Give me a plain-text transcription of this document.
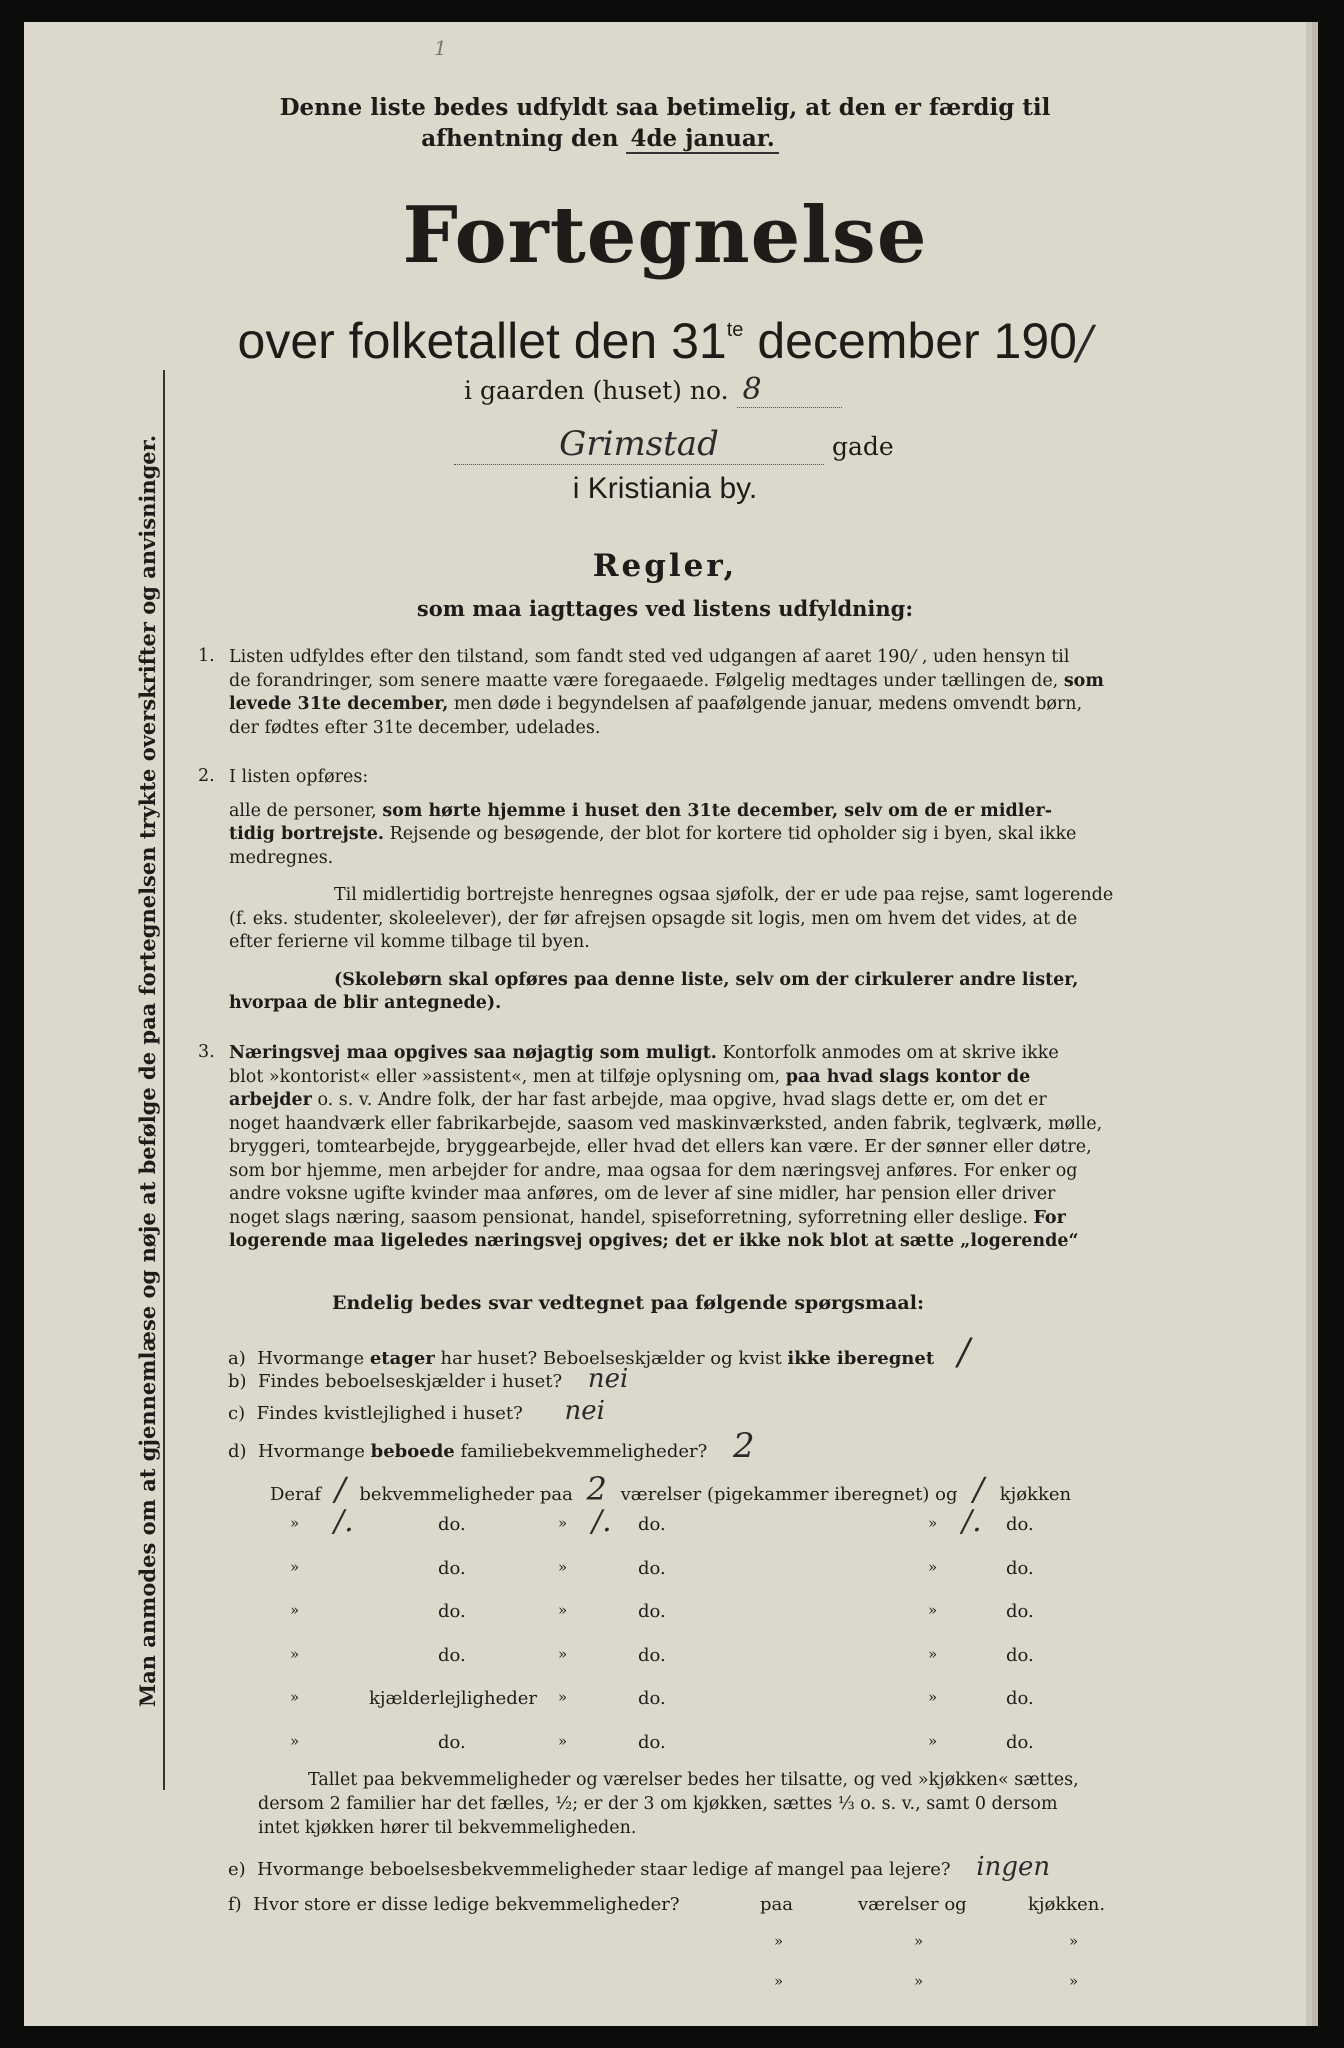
1
Denne liste bedes udfyldt saa betimelig, at den er færdig til
afhentning den 4de januar.
Fortegnelse
over folketallet den $31^{te}$ december 190/
i gaarden (huset) no. 8
Grimstad	gade
i Kristiania by.
Man anmodes om at gjennemlæse og nøje at befølge de paa fortegnelsen trykte overskrifter og anvisninger.	Regler,
som maa iagttages ved listens udfyldning:
1. Listen udfyldes efter den tilstand, som fandt sted ved udgangen af aaret 190/ , uden hensyn til
de forandringer, som senere maatte være foregaaede. Følgelig medtages under tællingen de, som
levede 31te december, men døde i begyndelsen af paafølgende januar, medens omvendt børn,
der fødtes efter 31te december, udelades.
2. I listen opføres:
alle de personer, som hørte hjemme i huset den 31te december, selv om de er midler-
tidig bortrejste. Rejsende og besøgende, der blot for kortere tid opholder sig i byen, skal ikke
medregnes.
Til midlertidig bortrejste henregnes ogsaa sjøfolk, der er ude paa rejse, samt logerende
(f. eks. studenter, skoleelever), der før afrejsen opsagde sit logis, men om hvem det vides, at de
efter ferierne vil komme tilbage til byen.
(Skolebørn skal opføres paa denne liste, selv om der cirkulerer andre lister,
hvorpaa de blir antegnede).
3. Næringsvej maa opgives saa nøjagtig som muligt. Kontorfolk anmodes om at skrive ikke
blot »kontorist« eller »assistent«, men at tilføje oplysning om, paa hvad slags kontor de
arbejder o. s. v. Andre folk, der har fast arbejde, maa opgive, hvad slags dette er, om det er
noget haandværk eller fabrikarbejde, saasom ved maskinværksted, anden fabrik, teglværk, mølle,
bryggeri, tomtearbejde, bryggearbejde, eller hvad det ellers kan være. Er der sønner eller døtre,
som bor hjemme, men arbejder for andre, maa ogsaa for dem næringsvej anføres. For enker og
andre voksne ugifte kvinder maa anføres, om de lever af sine midler, har pension eller driver
noget slags næring, saasom pensionat, handel, spiseforretning, syforretning eller deslige. For
logerende maa ligeledes næringsvej opgives; det er ikke nok blot at sætte „logerende“
Endelig bedes svar vedtegnet paa følgende spørgsmaal:
a) Hvormange etager har huset? Beboelseskjælder og kvist ikke iberegnet /
b) Findes beboelseskjælder i huset? nei
c) Findes kvistlejlighed i huset? nei
d) Hvormange beboede familiebekvemmeligheder? 2
Deraf / bekvemmeligheder paa 2 værelser (pigekammer iberegnet) og / kjøkken
» /.	do.	» /. do.	» /. do.
»	do.	»	do.	»	do.
»	do.	»	do.	»	do.
»	do.	»	do.	»	do.
»	kjælderlejligheder »	do.	»	do.
»	do.	»	do.	»	do.
Tallet paa bekvemmeligheder og værelser bedes her tilsatte, og ved »kjøkken« sættes,
dersom 2 familier har det fælles, ½; er der 3 om kjøkken, sættes ⅓ o. s. v., samt 0 dersom
intet kjøkken hører til bekvemmeligheden.
e) Hvormange beboelsesbekvemmeligheder staar ledige af mangel paa lejere? ingen
f) Hvor store er disse ledige bekvemmeligheder?	paa	værelser og	kjøkken.
»	»	»
»	»	»
